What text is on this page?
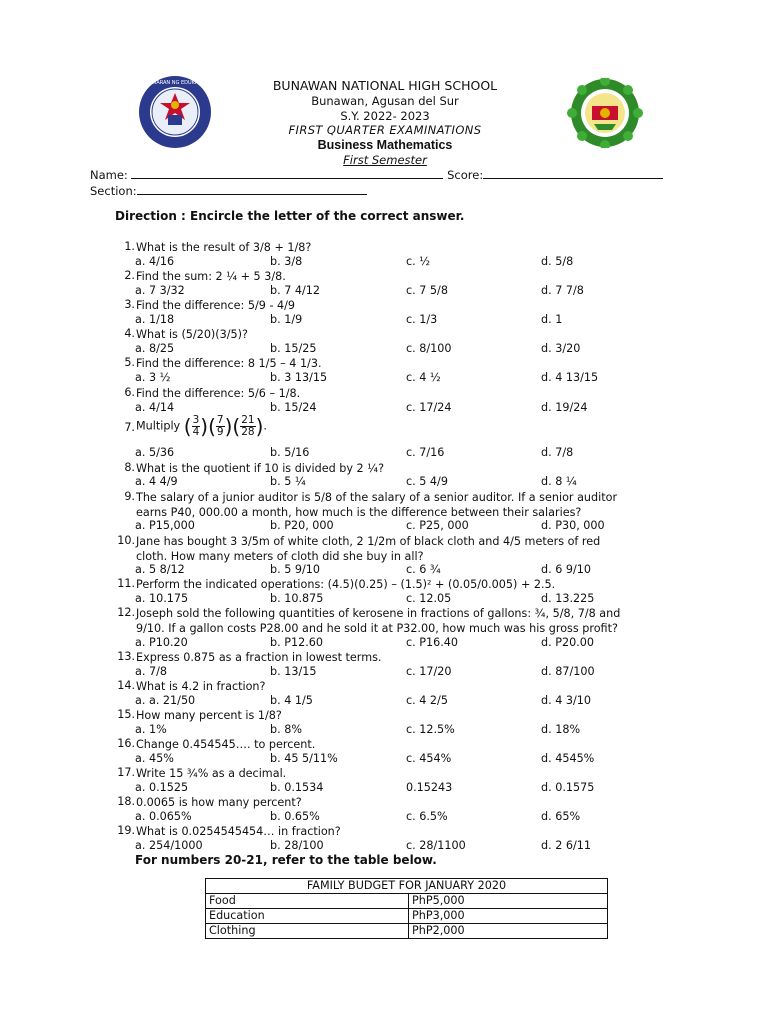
KAGAWARAN NG EDUKASYON	BUNAWAN NATIONAL HIGH SCHOOL
Bunawan, Agusan del Sur
S.Y. 2022- 2023
FIRST QUARTER EXAMINATIONS
Business Mathematics
First Semester
Name:	Score:
Section:
Direction : Encircle the letter of the correct answer.
1. What is the result of 3/8 + 1/8?
a. 4/16	b. 3/8	c. ½	d. 5/8
2. Find the sum: 2 ¼ + 5 3/8.
a. 7 3/32	b. 7 4/12	c. 7 5/8	d. 7 7/8
3. Find the difference: 5/9 - 4/9
a. 1/18	b. 1/9	c. 1/3	d. 1
4. What is (5/20)(3/5)?
a. 8/25	b. 15/25	c. 8/100	d. 3/20
5. Find the difference: 8 1/5 – 4 1/3.
a. 3 ½	b. 3 13/15	c. 4 ½	d. 4 13/15
6. Find the difference: 5/6 – 1/8.
a. 4/14	b. 15/24	c. 17/24	d. 19/24
7. Multiply ( $\frac{3}{4}$ )( $\frac{7}{9}$ )( $\frac{21}{28}$ ).
a. 5/36	b. 5/16	c. 7/16	d. 7/8
8. What is the quotient if 10 is divided by 2 ¼?
a. 4 4/9	b. 5 ¼	c. 5 4/9	d. 8 ¼
9. The salary of a junior auditor is 5/8 of the salary of a senior auditor. If a senior auditor
earns P40, 000.00 a month, how much is the difference between their salaries?
a. P15,000	b. P20, 000	c. P25, 000	d. P30, 000
10. Jane has bought 3 3/5m of white cloth, 2 1/2m of black cloth and 4/5 meters of red
cloth. How many meters of cloth did she buy in all?
a. 5 8/12	b. 5 9/10	c. 6 ¾	d. 6 9/10
11. Perform the indicated operations: (4.5)(0.25) – (1.5)² + (0.05/0.005) + 2.5.
a. 10.175	b. 10.875	c. 12.05	d. 13.225
12. Joseph sold the following quantities of kerosene in fractions of gallons: ¾, 5/8, 7/8 and
9/10. If a gallon costs P28.00 and he sold it at P32.00, how much was his gross profit?
a. P10.20	b. P12.60	c. P16.40	d. P20.00
13. Express 0.875 as a fraction in lowest terms.
a. 7/8	b. 13/15	c. 17/20	d. 87/100
14. What is 4.2 in fraction?
a. a. 21/50	b. 4 1/5	c. 4 2/5	d. 4 3/10
15. How many percent is 1/8?
a. 1%	b. 8%	c. 12.5%	d. 18%
16. Change 0.454545…. to percent.
a. 45%	b. 45 5/11%	c. 454%	d. 4545%
17. Write 15 ¾% as a decimal.
a. 0.1525	b. 0.1534	0.15243	d. 0.1575
18. 0.0065 is how many percent?
a. 0.065%	b. 0.65%	c. 6.5%	d. 65%
19. What is 0.0254545454… in fraction?
a. 254/1000	b. 28/100	c. 28/1100	d. 2 6/11
For numbers 20-21, refer to the table below.
FAMILY BUDGET FOR JANUARY 2020	
Food	PhP5,000
Education	PhP3,000
Clothing	PhP2,000
